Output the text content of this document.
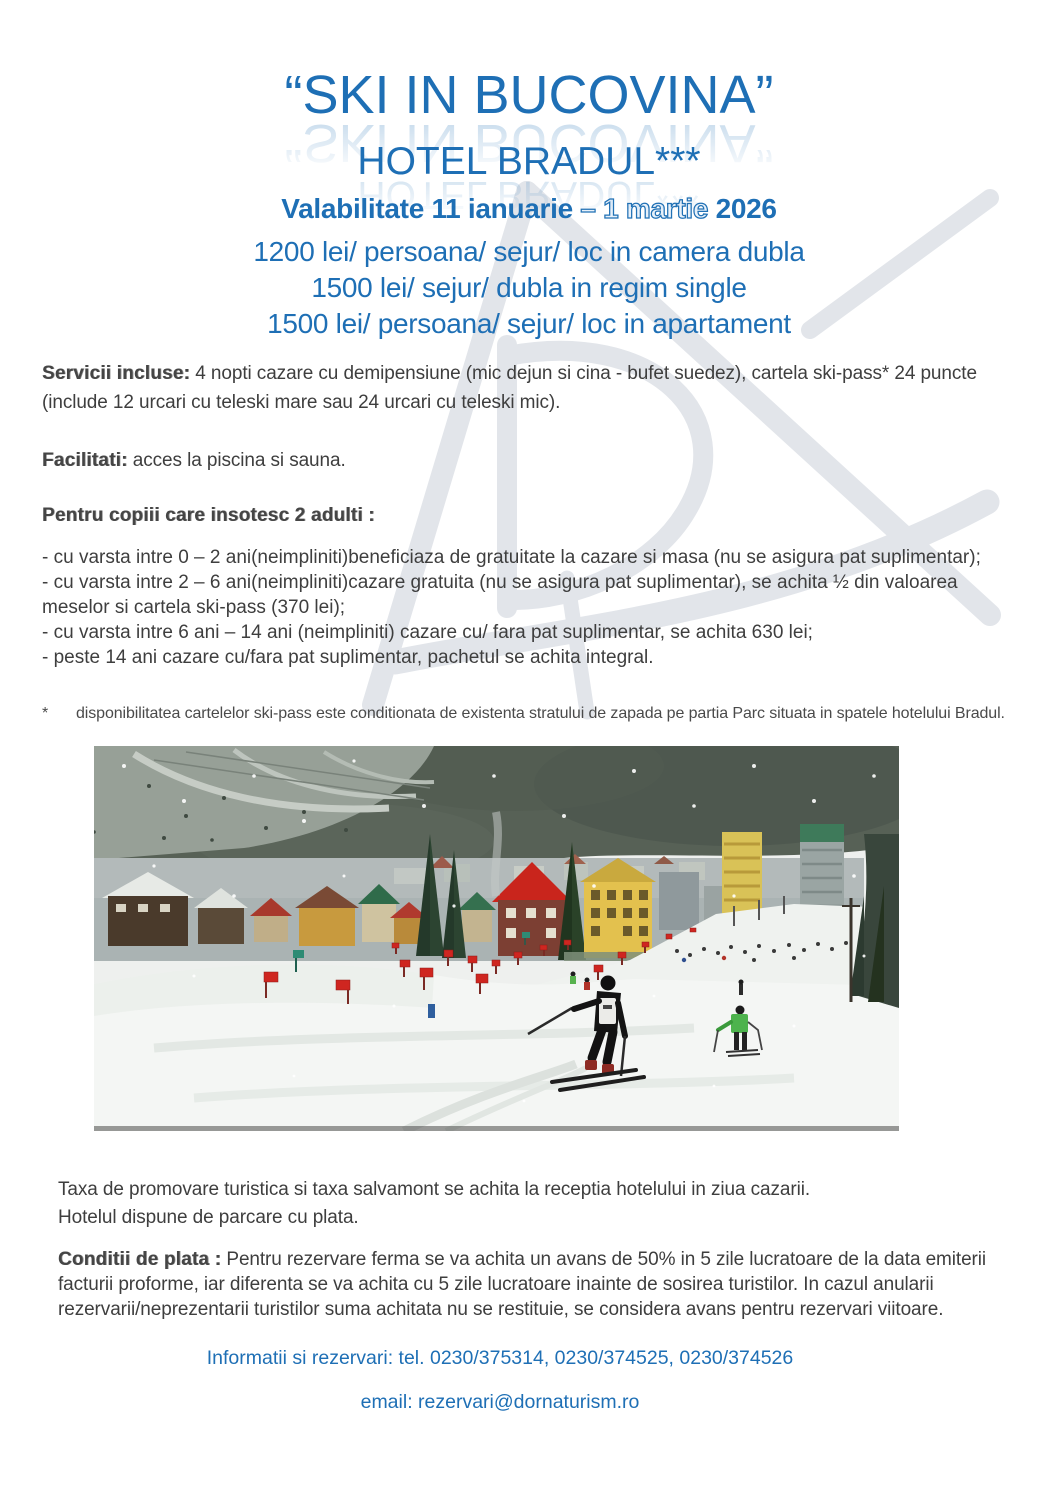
“SKI IN BUCOVINA”
HOTEL BRADUL***
Valabilitate 11 ianuarie – 1 martie 2026
1200 lei/ persoana/ sejur/ loc in camera dubla
1500 lei/ sejur/ dubla in regim single
1500 lei/ persoana/ sejur/ loc in apartament

Servicii incluse: 4 nopti cazare cu demipensiune (mic dejun si cina - bufet suedez), cartela ski-pass* 24 puncte (include 12 urcari cu teleski mare sau 24 urcari cu teleski mic).

Facilitati: acces la piscina si sauna.

Pentru copiii care insotesc 2 adulti :

- cu varsta intre 0 – 2 ani(neimpliniti)beneficiaza de gratuitate la cazare si masa (nu se asigura pat suplimentar);
- cu varsta intre 2 – 6 ani(neimpliniti)cazare gratuita (nu se asigura pat suplimentar), se achita ½ din valoarea meselor si cartela ski-pass (370 lei);
- cu varsta intre 6 ani – 14 ani (neimpliniti) cazare cu/ fara pat suplimentar, se achita 630 lei;
- peste 14 ani cazare cu/fara pat suplimentar, pachetul se achita integral.

*	disponibilitatea cartelelor ski-pass este conditionata de existenta stratului de zapada pe partia Parc situata in spatele hotelului Bradul.

Taxa de promovare turistica si taxa salvamont se achita la receptia hotelului in ziua cazarii.
Hotelul dispune de parcare cu plata.

Conditii de plata : Pentru rezervare ferma se va achita un avans de 50% in 5 zile lucratoare de la data emiterii facturii proforme, iar diferenta se va achita cu 5 zile lucratoare inainte de sosirea turistilor. In cazul anularii rezervarii/neprezentarii turistilor suma achitata nu se restituie, se considera avans pentru rezervari viitoare.

Informatii si rezervari: tel. 0230/375314, 0230/374525, 0230/374526

email: rezervari@dornaturism.ro
